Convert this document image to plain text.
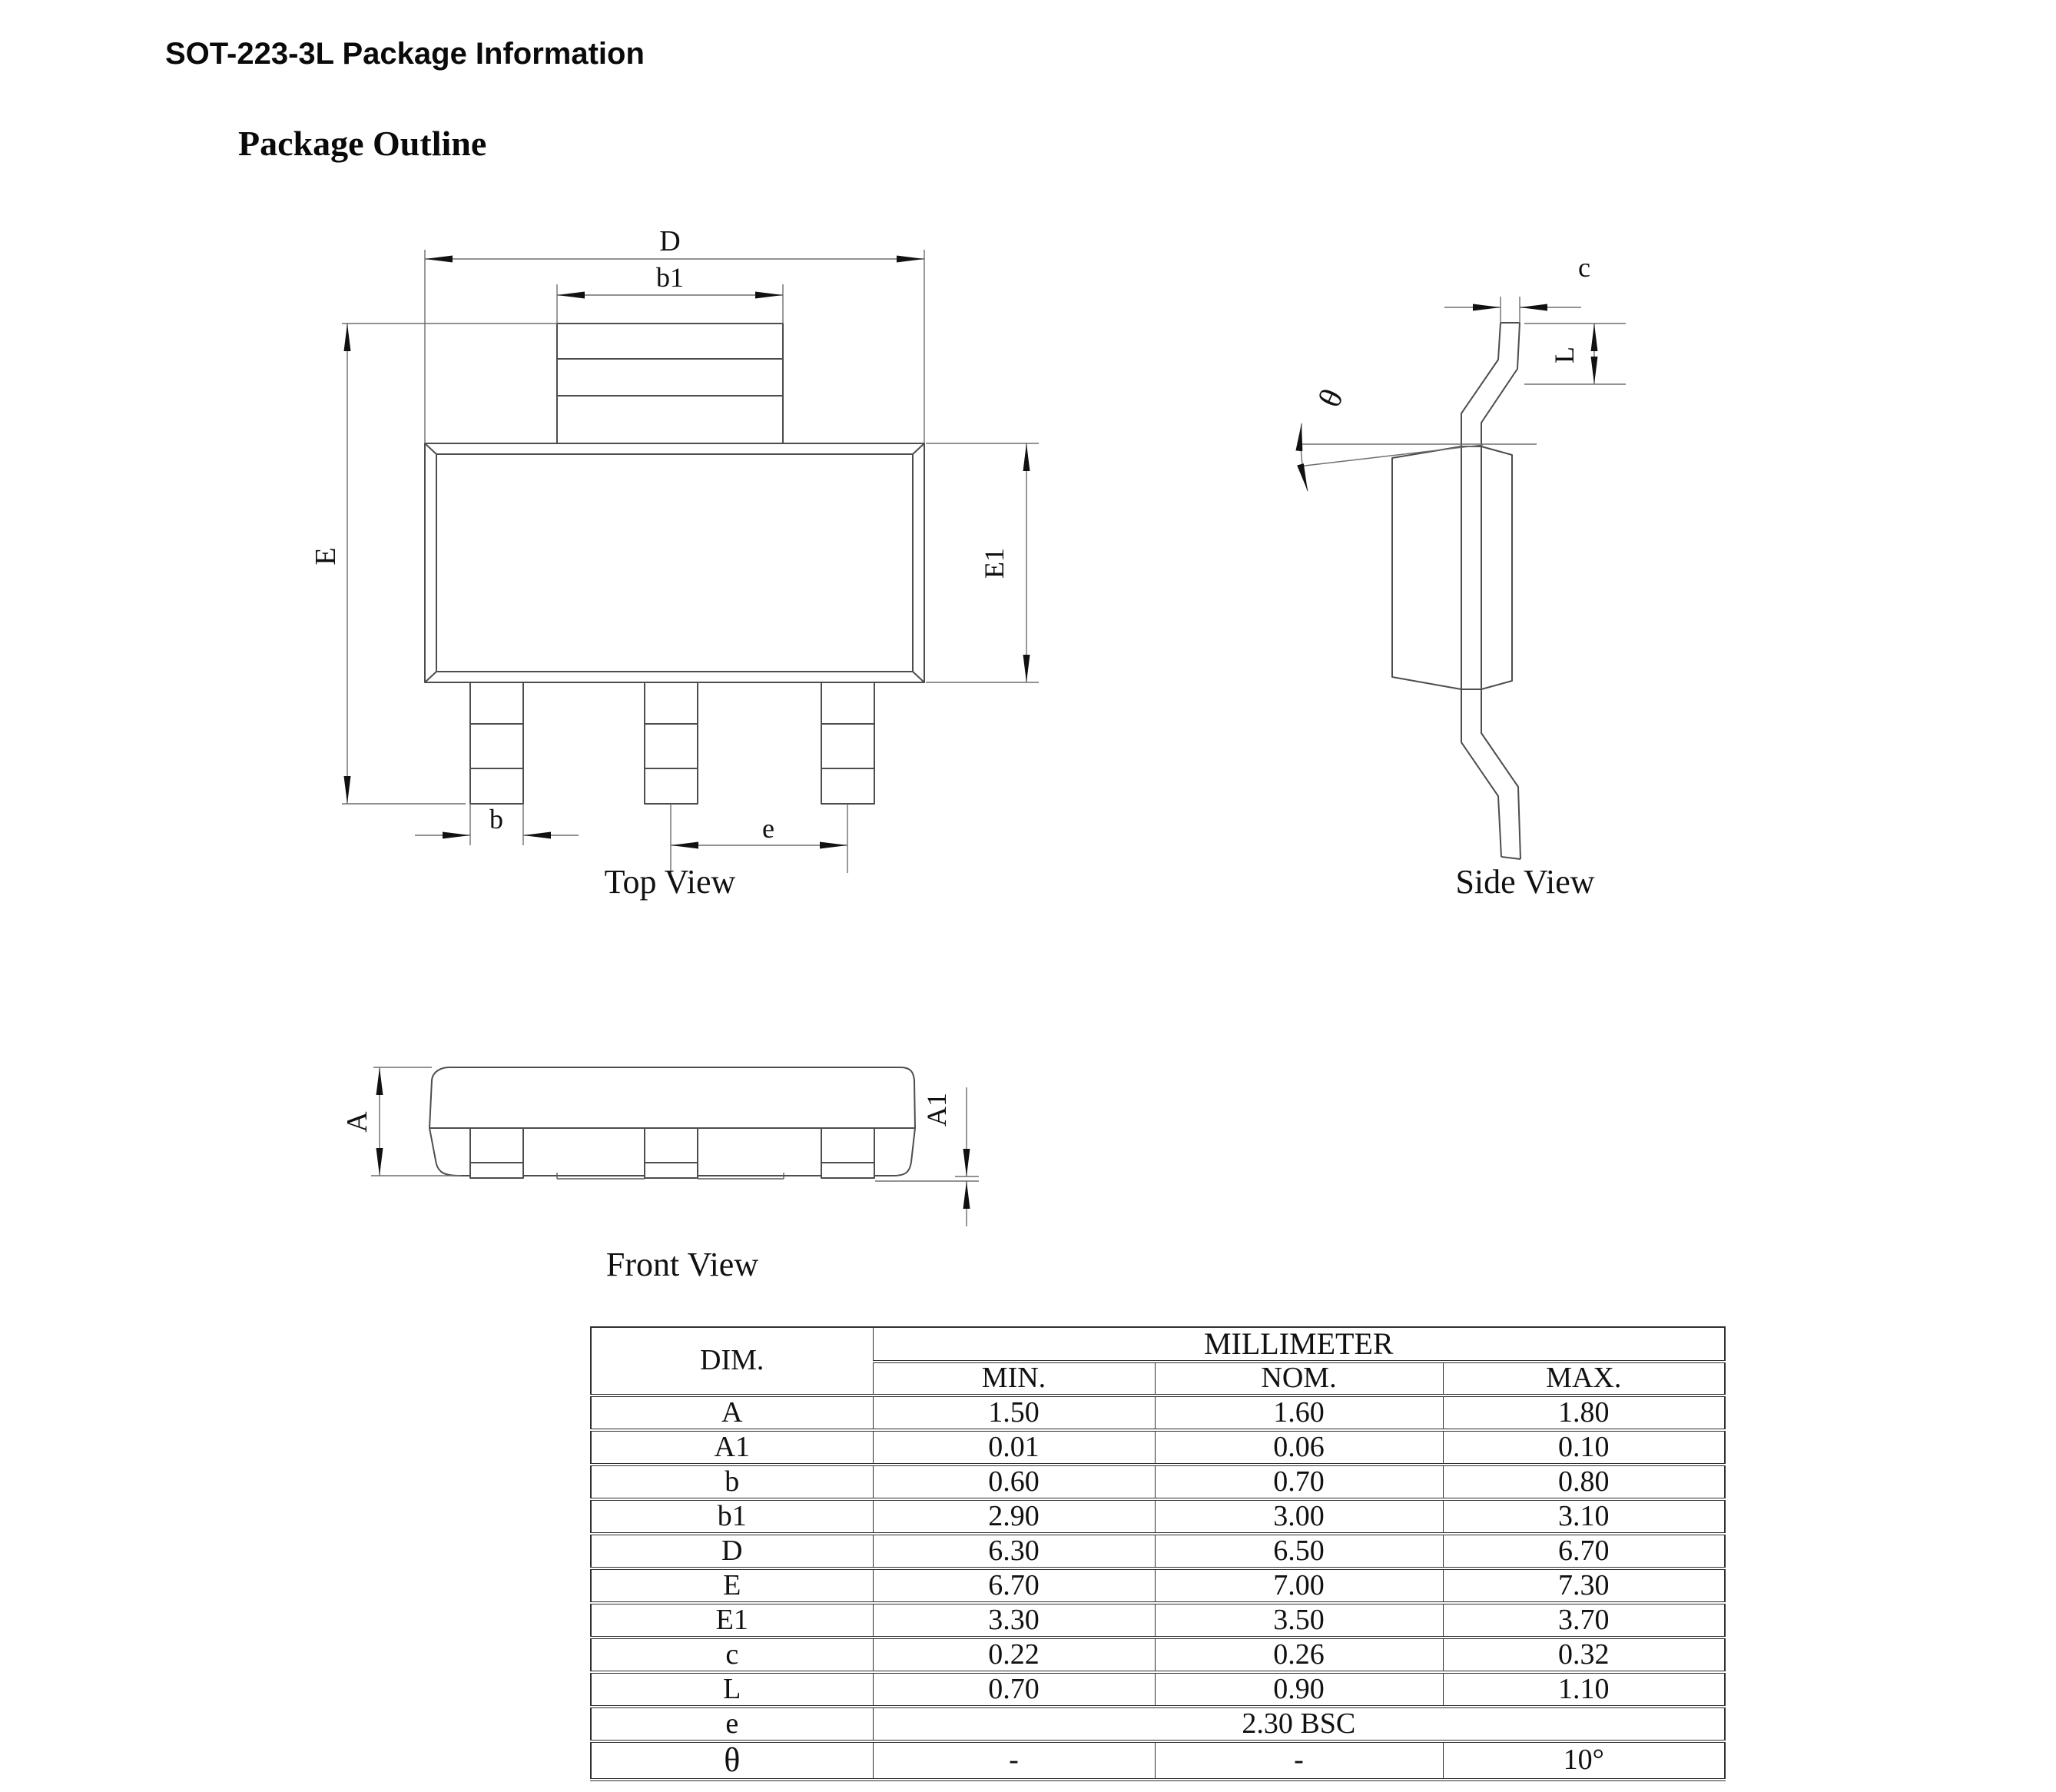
SOT-223-3L Package Information
Package Outline
D
b1
E	E1
b	e
Top View
c
L
θ
Side View
A	A1
Front View
DIM.	MILLIMETER		
	MIN.	NOM.	MAX.
A	1.50	1.60	1.80
A1	0.01	0.06	0.10
b	0.60	0.70	0.80
b1	2.90	3.00	3.10
D	6.30	6.50	6.70
E	6.70	7.00	7.30
E1	3.30	3.50	3.70
c	0.22	0.26	0.32
L	0.70	0.90	1.10
e	2.30 BSC		
θ	-	-	10°
